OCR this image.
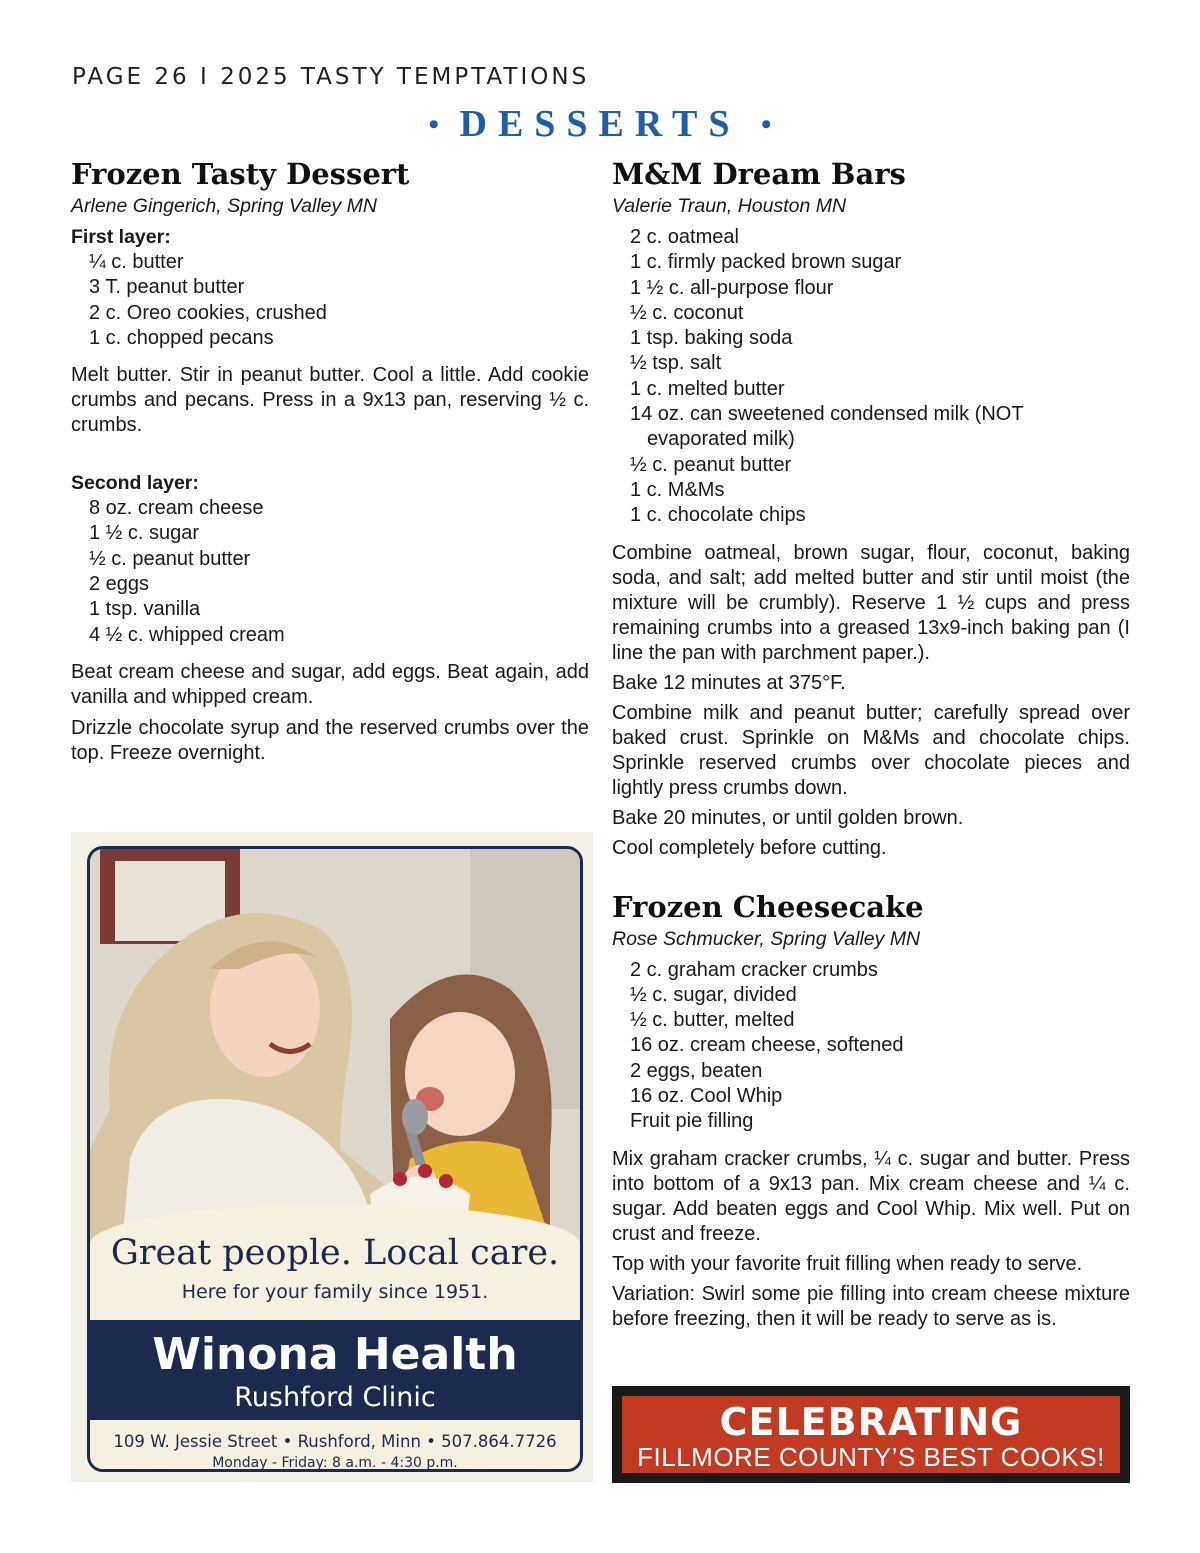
PAGE 26 I 2025 TASTY TEMPTATIONS
• DESSERTS •
Frozen Tasty Dessert

Arlene Gingerich, Spring Valley MN

First layer:

¼ c. butter
3 T. peanut butter
2 c. Oreo cookies, crushed
1 c. chopped pecans

Melt butter. Stir in peanut butter. Cool a little. Add cookie crumbs and pecans. Press in a 9x13 pan, reserving ½ c. crumbs.

Second layer:

8 oz. cream cheese
1 ½ c. sugar
½ c. peanut butter
2 eggs
1 tsp. vanilla
4 ½ c. whipped cream

Beat cream cheese and sugar, add eggs. Beat again, add vanilla and whipped cream.

Drizzle chocolate syrup and the reserved crumbs over the top. Freeze overnight.

Great people. Local care.
Here for your family since 1951.
Winona Health
Rushford Clinic
109 W. Jessie Street • Rushford, Minn • 507.864.7726
Monday - Friday: 8 a.m. - 4:30 p.m.
M&M Dream Bars

Valerie Traun, Houston MN

2 c. oatmeal
1 c. firmly packed brown sugar
1 ½ c. all-purpose flour
½ c. coconut
1 tsp. baking soda
½ tsp. salt
1 c. melted butter
14 oz. can sweetened condensed milk (NOT evaporated milk)
½ c. peanut butter
1 c. M&Ms
1 c. chocolate chips

Combine oatmeal, brown sugar, flour, coconut, baking soda, and salt; add melted butter and stir until moist (the mixture will be crumbly). Reserve 1 ½ cups and press remaining crumbs into a greased 13x9-inch baking pan (I line the pan with parchment paper.).

Bake 12 minutes at 375°F.

Combine milk and peanut butter; carefully spread over baked crust. Sprinkle on M&Ms and chocolate chips. Sprinkle reserved crumbs over chocolate pieces and lightly press crumbs down.

Bake 20 minutes, or until golden brown.

Cool completely before cutting.

Frozen Cheesecake

Rose Schmucker, Spring Valley MN

2 c. graham cracker crumbs
½ c. sugar, divided
½ c. butter, melted
16 oz. cream cheese, softened
2 eggs, beaten
16 oz. Cool Whip
Fruit pie filling

Mix graham cracker crumbs, ¼ c. sugar and butter. Press into bottom of a 9x13 pan. Mix cream cheese and ¼ c. sugar. Add beaten eggs and Cool Whip. Mix well. Put on crust and freeze.

Top with your favorite fruit filling when ready to serve.

Variation: Swirl some pie filling into cream cheese mixture before freezing, then it will be ready to serve as is.

CELEBRATING
FILLMORE COUNTY’S BEST COOKS!
